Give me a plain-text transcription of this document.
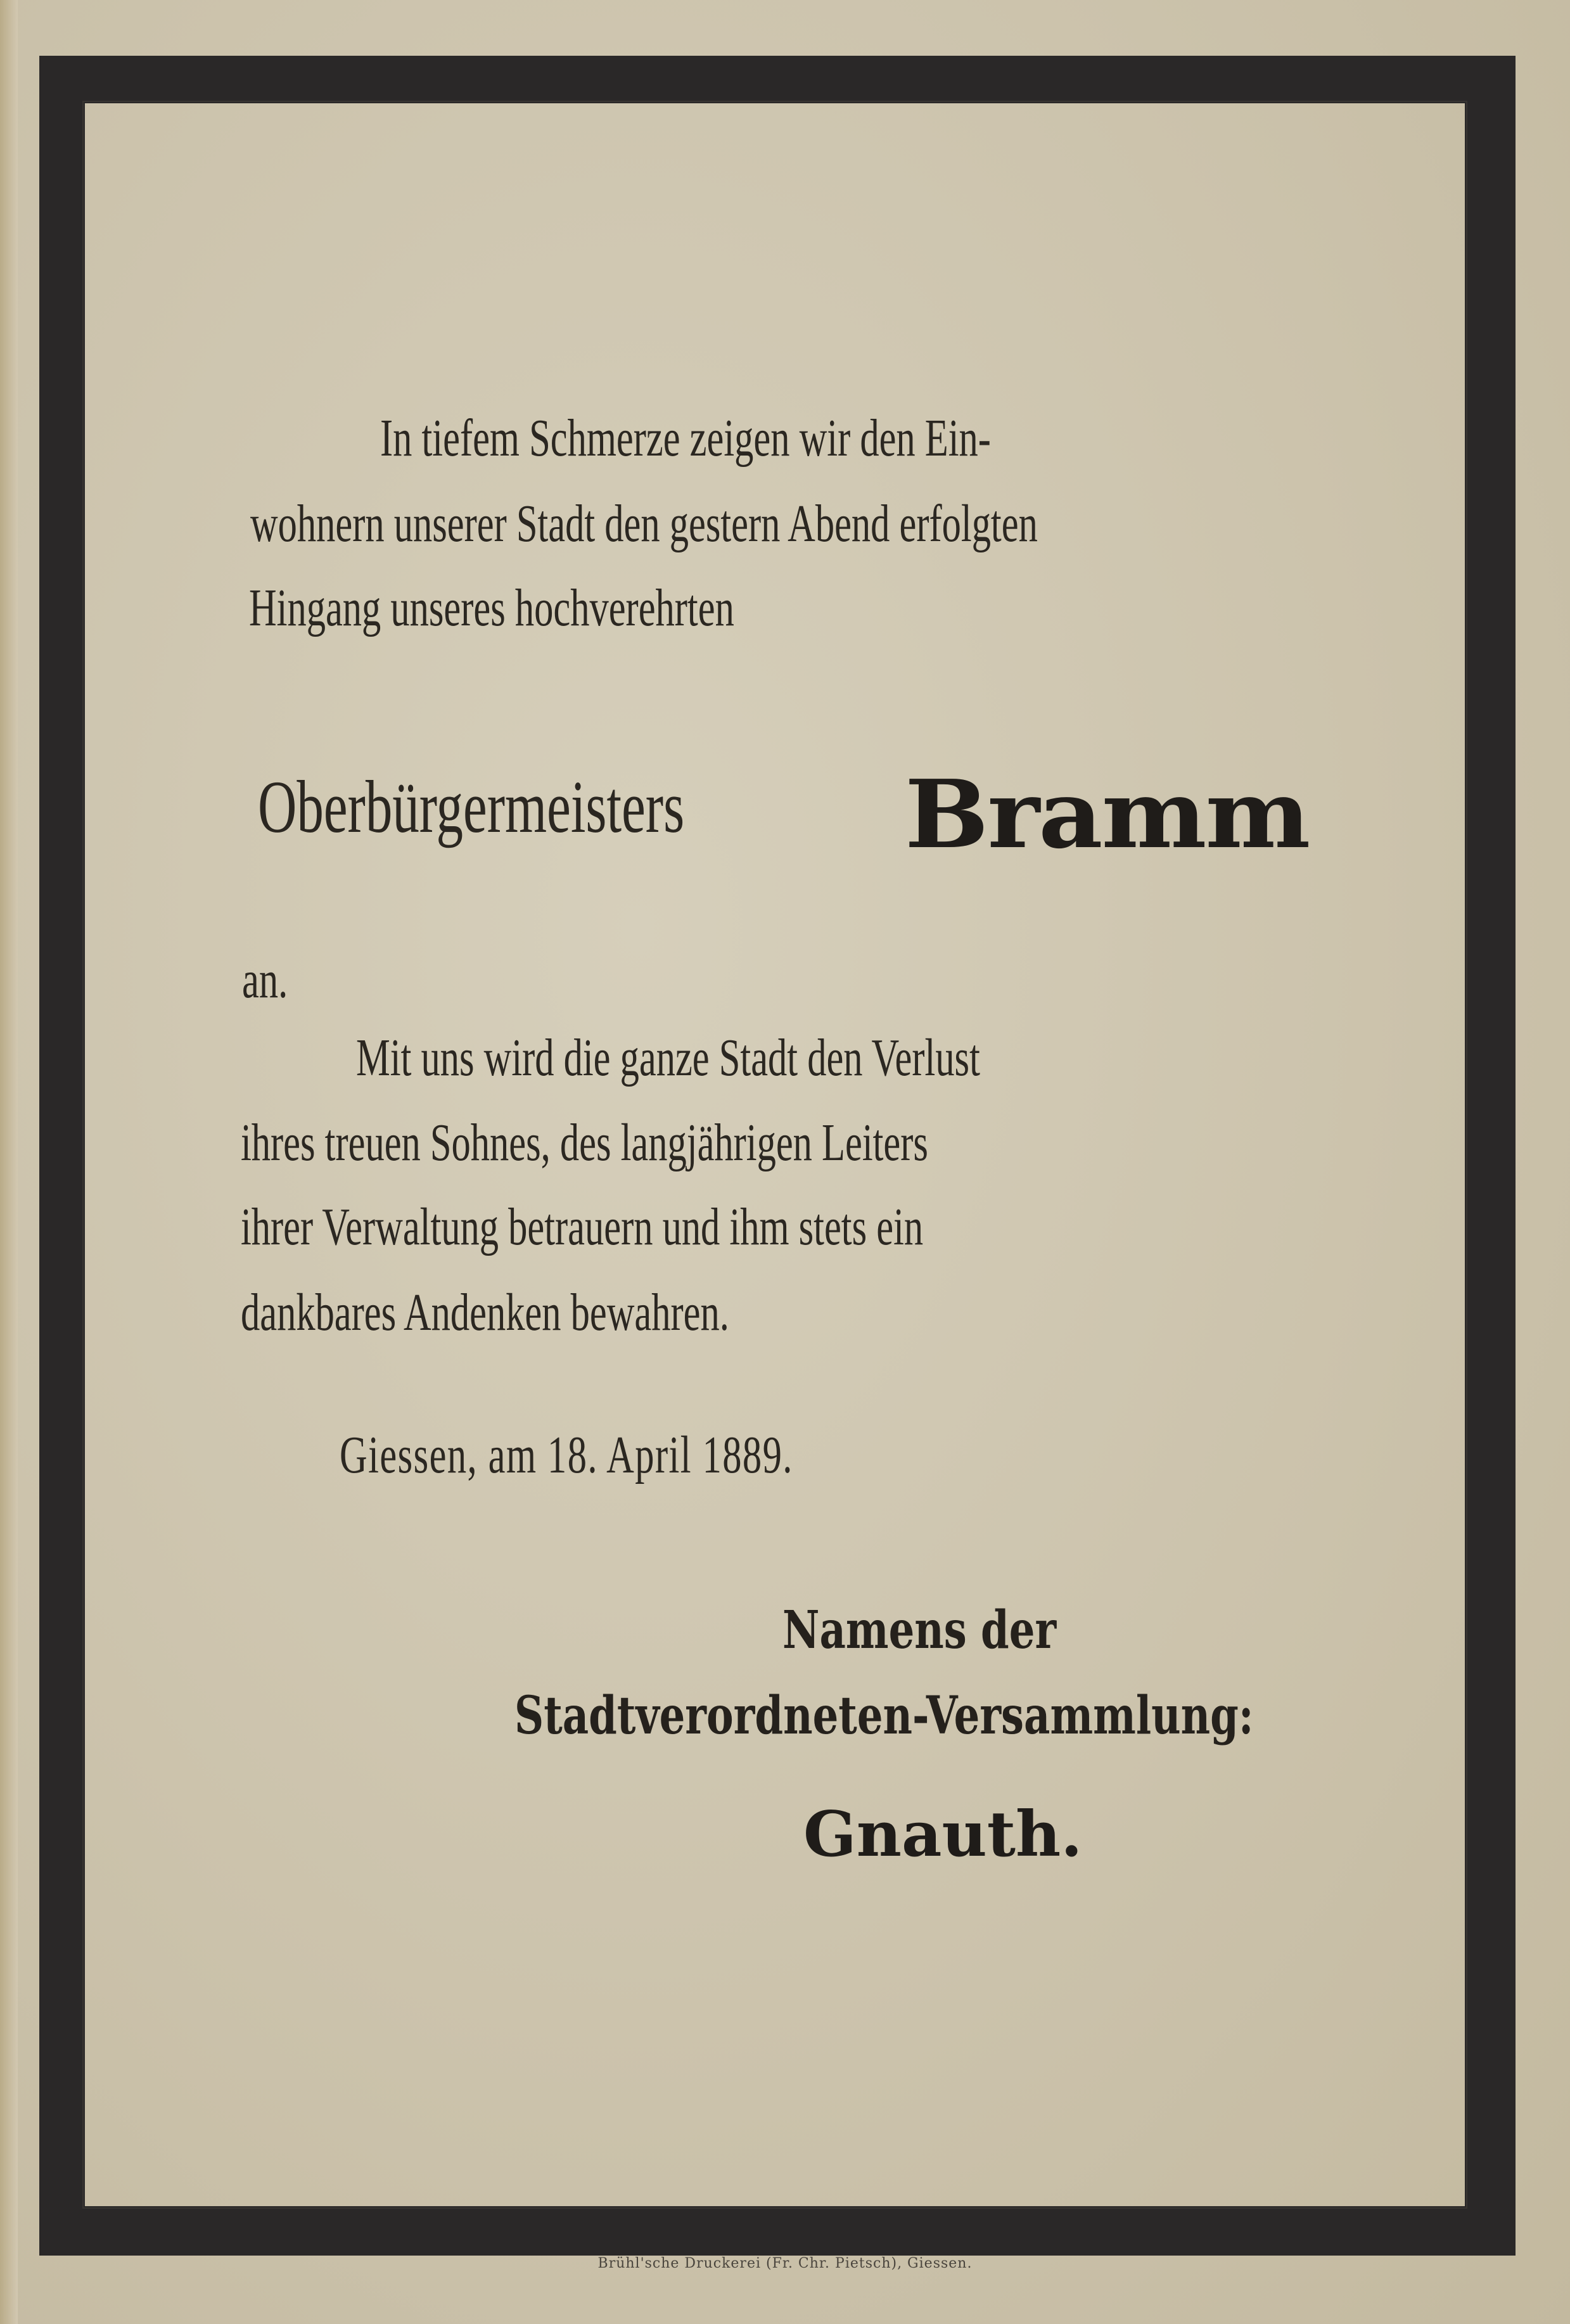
In tiefem Schmerze zeigen wir den Ein-
wohnern unserer Stadt den gestern Abend erfolgten
Hingang unseres hochverehrten
Oberbürgermeisters Bramm
an.
Mit uns wird die ganze Stadt den Verlust
ihres treuen Sohnes, des langjährigen Leiters
ihrer Verwaltung betrauern und ihm stets ein
dankbares Andenken bewahren.
Giessen, am 18. April 1889.
Namens der
Stadtverordneten-Versammlung:
Gnauth.
Brühl'sche Druckerei (Fr. Chr. Pietsch), Giessen.
